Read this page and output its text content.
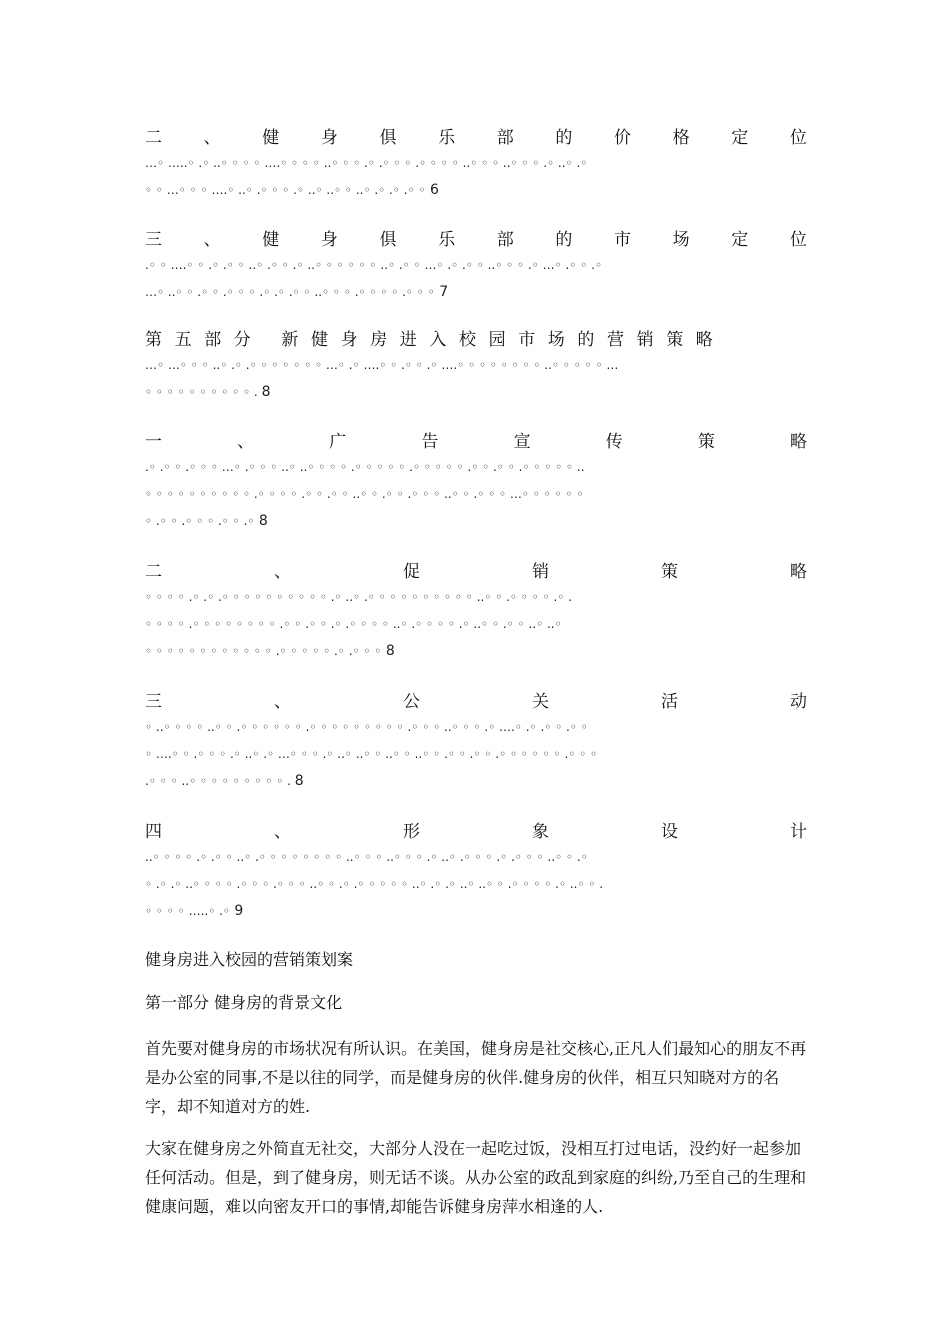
二 、 健 身 俱 乐 部 的 价 格 定 位
…◦ …..◦ .◦ ..◦ ◦ ◦ ◦ ….◦ ◦ ◦ ◦ ..◦ ◦ ◦ .◦ .◦ ◦ ◦ .◦ ◦ ◦ ◦ ..◦ ◦ ◦ ..◦ ◦ ◦ .◦ ..◦ .◦
◦ ◦ …◦ ◦ ◦ ….◦ ..◦ .◦ ◦ ◦ .◦ ..◦ ..◦ ◦ ..◦ .◦ .◦ .◦ ◦ 6
三 、 健 身 俱 乐 部 的 市 场 定 位
.◦ ◦ ….◦ ◦ .◦ .◦ ◦ ..◦ .◦ ◦ .◦ ..◦ ◦ ◦ ◦ ◦ ◦ ..◦ .◦ ◦ …◦ .◦ .◦ ◦ ..◦ ◦ ◦ .◦ …◦ .◦ ◦ .◦
…◦ ..◦ ◦ .◦ ◦ .◦ ◦ ◦ .◦ .◦ .◦ ◦ ..◦ ◦ ◦ .◦ ◦ ◦ ◦ .◦ ◦ ◦ 7
第五部分 新健身房进入校园市场的营销策略
…◦ …◦ ◦ ◦ ..◦ .◦ .◦ ◦ ◦ ◦ ◦ ◦ ◦ …◦ .◦ ….◦ ◦ .◦ ◦ .◦ ….◦ ◦ ◦ ◦ ◦ ◦ ◦ ◦ ..◦ ◦ ◦ ◦ ◦ …
◦ ◦ ◦ ◦ ◦ ◦ ◦ ◦ ◦ ◦ . 8
一	、	广	告	宣	传	策	略
.◦ .◦ ◦ .◦ ◦ ◦ …◦ .◦ ◦ ◦ ..◦ ..◦ ◦ ◦ ◦ .◦ ◦ ◦ ◦ ◦ .◦ ◦ ◦ ◦ ◦ .◦ ◦ .◦ ◦ .◦ ◦ ◦ ◦ ◦ ..
◦ ◦ ◦ ◦ ◦ ◦ ◦ ◦ ◦ ◦ .◦ ◦ ◦ ◦ .◦ ◦ .◦ ◦ ..◦ ◦ .◦ ◦ .◦ ◦ ◦ ..◦ ◦ .◦ ◦ ◦ …◦ ◦ ◦ ◦ ◦ ◦
◦ .◦ ◦ .◦ ◦ ◦ .◦ ◦ .◦ 8
二	、	促	销	策	略
◦ ◦ ◦ ◦ .◦ .◦ .◦ ◦ ◦ ◦ ◦ ◦ ◦ ◦ ◦ ◦ .◦ ..◦ .◦ ◦ ◦ ◦ ◦ ◦ ◦ ◦ ◦ ◦ ..◦ ◦ .◦ ◦ ◦ ◦ .◦ .
◦ ◦ ◦ ◦ .◦ ◦ ◦ ◦ ◦ ◦ ◦ ◦ .◦ ◦ .◦ ◦ .◦ .◦ ◦ ◦ ◦ ..◦ .◦ ◦ ◦ ◦ .◦ ..◦ ◦ .◦ ◦ ..◦ ..◦
◦ ◦ ◦ ◦ ◦ ◦ ◦ ◦ ◦ ◦ ◦ ◦ .◦ ◦ ◦ ◦ ◦ .◦ .◦ ◦ ◦ 8
三	、	公	关	活	动
◦ ..◦ ◦ ◦ ◦ ..◦ ◦ .◦ ◦ ◦ ◦ ◦ ◦ .◦ ◦ ◦ ◦ ◦ ◦ ◦ ◦ ◦ .◦ ◦ ◦ ..◦ ◦ ◦ .◦ ….◦ .◦ .◦ ◦ .◦ ◦
◦ ….◦ ◦ .◦ ◦ ◦ .◦ ..◦ .◦ …◦ ◦ ◦ .◦ ..◦ ..◦ ◦ ..◦ ◦ ..◦ ◦ .◦ ◦ .◦ ◦ .◦ ◦ ◦ ◦ ◦ ◦ .◦ ◦ ◦
.◦ ◦ ◦ ..◦ ◦ ◦ ◦ ◦ ◦ ◦ ◦ ◦ . 8
四	、	形	象	设	计
..◦ ◦ ◦ ◦ .◦ .◦ ◦ ..◦ .◦ ◦ ◦ ◦ ◦ ◦ ◦ ◦ ..◦ ◦ ◦ ..◦ ◦ ◦ .◦ ..◦ .◦ ◦ ◦ .◦ .◦ ◦ ◦ ..◦ ◦ .◦
◦ .◦ .◦ ..◦ ◦ ◦ ◦ .◦ ◦ ◦ .◦ ◦ ◦ ..◦ ◦ .◦ .◦ ◦ ◦ ◦ ◦ ..◦ .◦ .◦ ..◦ ..◦ ◦ .◦ ◦ ◦ ◦ .◦ ..◦ ◦ .
◦ ◦ ◦ ◦ …..◦ .◦ 9
健身房进入校园的营销策划案
第一部分 健身房的背景文化
首先要对健身房的市场状况有所认识。在美国，健身房是社交核心,正凡人们最知心的朋友不再是办公室的同事,不是以往的同学，而是健身房的伙伴.健身房的伙伴，相互只知晓对方的名字，却不知道对方的姓.
大家在健身房之外简直无社交，大部分人没在一起吃过饭，没相互打过电话，没约好一起参加任何活动。但是，到了健身房，则无话不谈。从办公室的政乱到家庭的纠纷,乃至自己的生理和健康问题，难以向密友开口的事情,却能告诉健身房萍水相逢的人.
